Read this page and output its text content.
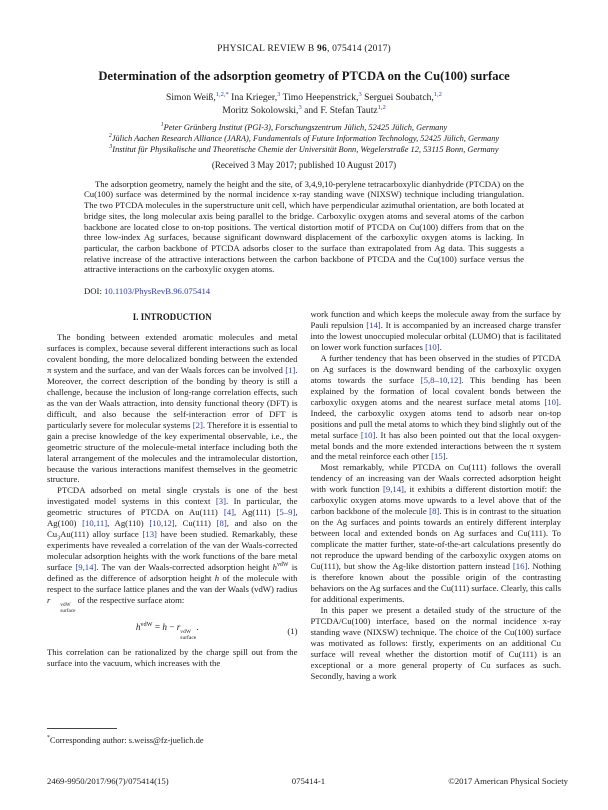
PHYSICAL REVIEW B 96, 075414 (2017)
Determination of the adsorption geometry of PTCDA on the Cu(100) surface
Simon Weiß,$^{1,2,*}$ Ina Krieger,$^3$ Timo Heepenstrick,$^3$ Serguei Soubatch,$^{1,2}$
Moritz Sokolowski,$^3$ and F. Stefan Tautz$^{1,2}$
$^1$Peter Grünberg Institut (PGI-3), Forschungszentrum Jülich, 52425 Jülich, Germany
$^2$Jülich Aachen Research Alliance (JARA), Fundamentals of Future Information Technology, 52425 Jülich, Germany
$^3$Institut für Physikalische und Theoretische Chemie der Universität Bonn, Wegelerstraße 12, 53115 Bonn, Germany
(Received 3 May 2017; published 10 August 2017)
The adsorption geometry, namely the height and the site, of 3,4,9,10-perylene tetracarboxylic dianhydride (PTCDA) on the Cu(100) surface was determined by the normal incidence x-ray standing wave (NIXSW) technique including triangulation. The two PTCDA molecules in the superstructure unit cell, which have perpendicular azimuthal orientation, are both located at bridge sites, the long molecular axis being parallel to the bridge. Carboxylic oxygen atoms and several atoms of the carbon backbone are located close to on-top positions. The vertical distortion motif of PTCDA on Cu(100) differs from that on the three low-index Ag surfaces, because significant downward displacement of the carboxylic oxygen atoms is lacking. In particular, the carbon backbone of PTCDA adsorbs closer to the surface than extrapolated from Ag data. This suggests a relative increase of the attractive interactions between the carbon backbone of PTCDA and the Cu(100) surface versus the attractive interactions on the carboxylic oxygen atoms.
DOI: 10.1103/PhysRevB.96.075414
I. INTRODUCTION

The bonding between extended aromatic molecules and metal surfaces is complex, because several different interactions such as local covalent bonding, the more delocalized bonding between the extended π system and the surface, and van der Waals forces can be involved [1]. Moreover, the correct description of the bonding by theory is still a challenge, because the inclusion of long-range correlation effects, such as the van der Waals attraction, into density functional theory (DFT) is difficult, and also because the self-interaction error of DFT is particularly severe for molecular systems [2]. Therefore it is essential to gain a precise knowledge of the key experimental observable, i.e., the geometric structure of the molecule-metal interface including both the lateral arrangement of the molecules and the intramolecular distortion, because the various interactions manifest themselves in the geometric structure.

PTCDA adsorbed on metal single crystals is one of the best investigated model systems in this context [3]. In particular, the geometric structures of PTCDA on Au(111) [4], Ag(111) [5–9], Ag(100) [10,11], Ag(110) [10,12], Cu(111) [8], and also on the $Cu_3Au(111)$ alloy surface [13] have been studied. Remarkably, these experiments have revealed a correlation of the van der Waals-corrected molecular adsorption heights with the work functions of the bare metal surface [9,14]. The van der Waals-corrected adsorption height $h^{vdW}$ is defined as the difference of adsorption height h of the molecule with respect to the surface lattice planes and the van der Waals (vdW) radius r	vdW
surface
of the respective surface atom:

$h^{vdW} = h - r$
vdW
surface
.	(1)

This correlation can be rationalized by the charge spill out from the surface into the vacuum, which increases with the

*Corresponding author: s.weiss@fz-juelich.de

work function and which keeps the molecule away from the surface by Pauli repulsion [14]. It is accompanied by an increased charge transfer into the lowest unoccupied molecular orbital (LUMO) that is facilitated on lower work function surfaces [10].

A further tendency that has been observed in the studies of PTCDA on Ag surfaces is the downward bending of the carboxylic oxygen atoms towards the surface [5,8–10,12]. This bending has been explained by the formation of local covalent bonds between the carboxylic oxygen atoms and the nearest surface metal atoms [10]. Indeed, the carboxylic oxygen atoms tend to adsorb near on-top positions and pull the metal atoms to which they bind slightly out of the metal surface [10]. It has also been pointed out that the local oxygen-metal bonds and the more extended interactions between the π system and the metal reinforce each other [15].

Most remarkably, while PTCDA on Cu(111) follows the overall tendency of an increasing van der Waals corrected adsorption height with work function [9,14], it exhibits a different distortion motif: the carboxylic oxygen atoms move upwards to a level above that of the carbon backbone of the molecule [8]. This is in contrast to the situation on the Ag surfaces and points towards an entirely different interplay between local and extended bonds on Ag surfaces and Cu(111). To complicate the matter further, state-of-the-art calculations presently do not reproduce the upward bending of the carboxylic oxygen atoms on Cu(111), but show the Ag-like distortion pattern instead [16]. Nothing is therefore known about the possible origin of the contrasting behaviors on the Ag surfaces and the Cu(111) surface. Clearly, this calls for additional experiments.

In this paper we present a detailed study of the structure of the PTCDA/Cu(100) interface, based on the normal incidence x-ray standing wave (NIXSW) technique. The choice of the Cu(100) surface was motivated as follows: firstly, experiments on an additional Cu surface will reveal whether the distortion motif of Cu(111) is an exceptional or a more general property of Cu surfaces as such. Secondly, having a work

2469-9950/2017/96(7)/075414(15)	075414-1	©2017 American Physical Society
